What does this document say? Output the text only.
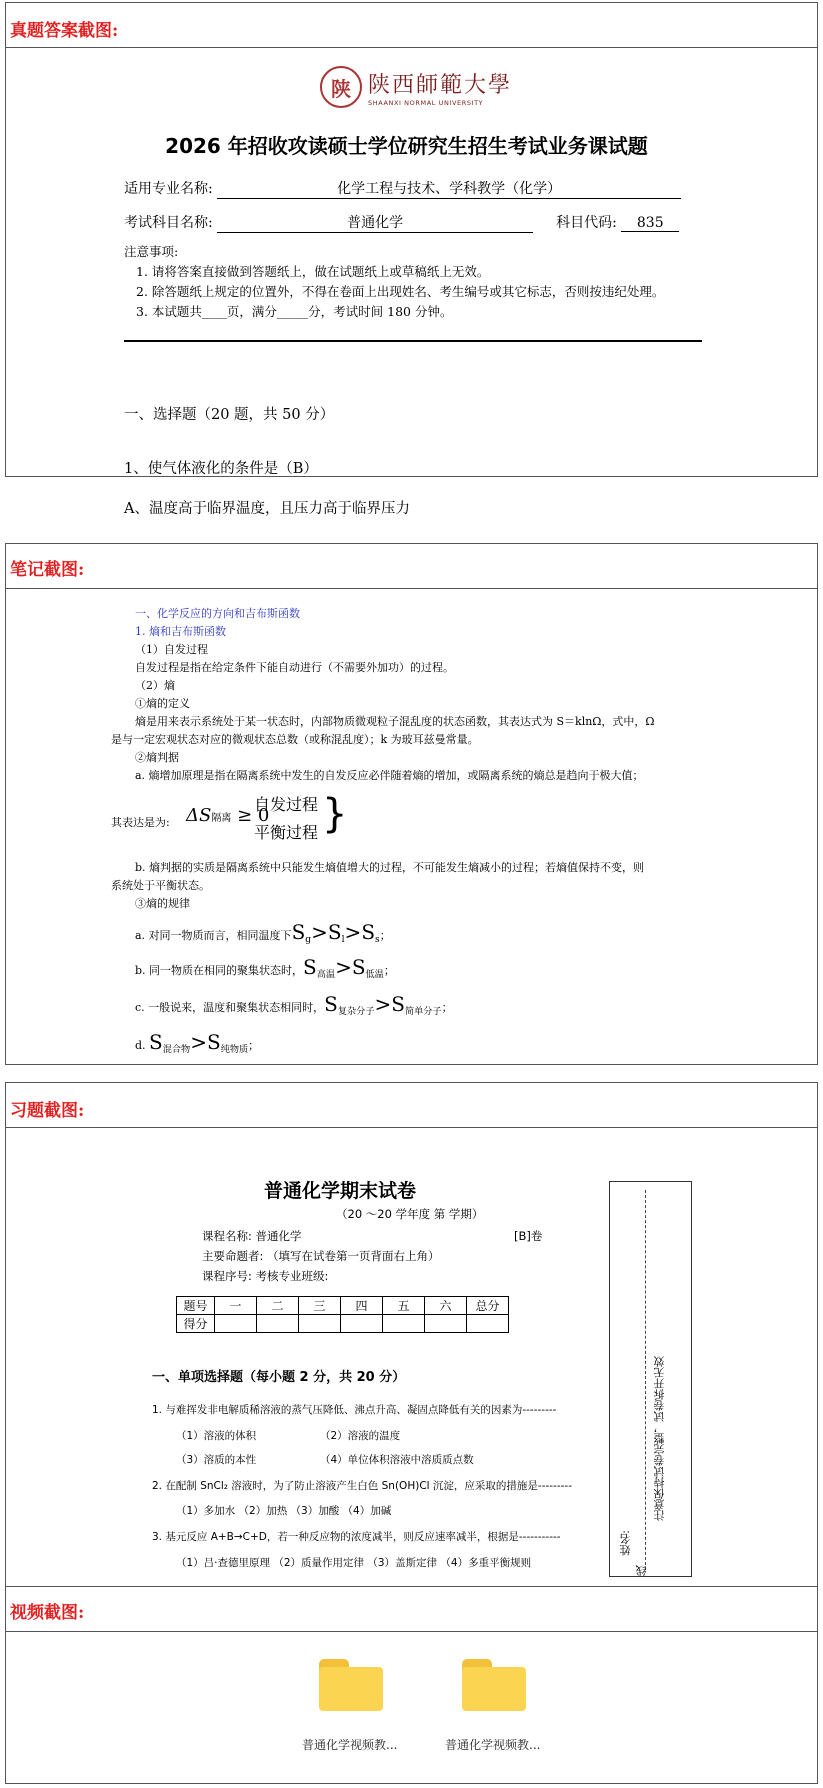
真题答案截图:
陕 陕西師範大學
SHAANXI NORMAL UNIVERSITY
2026 年招收攻读硕士学位研究生招生考试业务课试题
适用专业名称:	化学工程与技术、学科教学（化学）
考试科目名称:	普通化学	科目代码: 835
注意事项:
1. 请将答案直接做到答题纸上，做在试题纸上或草稿纸上无效。
2. 除答题纸上规定的位置外，不得在卷面上出现姓名、考生编号或其它标志，否则按违纪处理。
3. 本试题共____页，满分_____分，考试时间 180 分钟。
一、选择题（20 题，共 50 分）
1、使气体液化的条件是（B）
A、温度高于临界温度，且压力高于临界压力
笔记截图:
一、化学反应的方向和吉布斯函数
1. 熵和吉布斯函数
（1）自发过程
自发过程是指在给定条件下能自动进行（不需要外加功）的过程。
（2）熵
①熵的定义
熵是用来表示系统处于某一状态时，内部物质微观粒子混乱度的状态函数，其表达式为 S＝klnΩ，式中，Ω
是与一定宏观状态对应的微观状态总数（或称混乱度）；k 为玻耳兹曼常量。
②熵判据
a. 熵增加原理是指在隔离系统中发生的自发反应必伴随着熵的增加，或隔离系统的熵总是趋向于极大值；
其表达是为: ΔS隔离 ≥ 0
自发过程
平衡过程 }
b. 熵判据的实质是隔离系统中只能发生熵值增大的过程，不可能发生熵减小的过程；若熵值保持不变，则
系统处于平衡状态。
③熵的规律
a. 对同一物质而言，相同温度下$S_g>S_l>S_s$；
b. 同一物质在相同的聚集状态时，$S_{高温}>S_{低温}$；
c. 一般说来，温度和聚集状态相同时，$S_{复杂分子}>S_{简单分子}$；
d. $S_{混合物}>S_{纯物质}$；
习题截图:
普通化学期末试卷
（20 ～20 学年度 第 学期）
课程名称: 普通化学	[B]卷
主要命题者: （填写在试卷第一页背面右上角）
课程序号: 考核专业班级:
题号	一	二	三	四	五	六	总分
得分							
一、单项选择题（每小题 2 分，共 20 分）
1. 与难挥发非电解质稀溶液的蒸气压降低、沸点升高、凝固点降低有关的因素为---------
（1）溶液的体积	（2）溶液的温度
（3）溶质的本性	（4）单位体积溶液中溶质质点数
2. 在配制 SnCl₂ 溶液时，为了防止溶液产生白色 Sn(OH)Cl 沉淀，应采取的措施是---------
（1）多加水 （2）加热 （3）加酸 （4）加碱
3. 基元反应 A+B→C+D，若一种反应物的浓度减半，则反应速率减半，根据是-----------
（1）吕·查德里原理 （2）质量作用定律 （3）盖斯定律 （4）多重平衡规则
注意保持试卷完整，试卷拆开无效
姓名:
线
视频截图:
普通化学视频教...	普通化学视频教...
